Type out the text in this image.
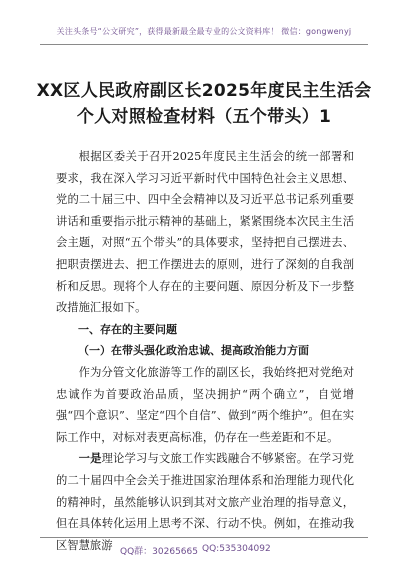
关注头条号“公文研究”，获得最新最全最专业的公文资料库！ 微信：gongwenyj
XX区人民政府副区长2025年度民主生活会个人对照检查材料（五个带头）1

根据区委关于召开2025年度民主生活会的统一部署和要求，我在深入学习习近平新时代中国特色社会主义思想、党的二十届三中、四中全会精神以及习近平总书记系列重要讲话和重要指示批示精神的基础上，紧紧围绕本次民主生活会主题，对照“五个带头”的具体要求，坚持把自己摆进去、把职责摆进去、把工作摆进去的原则，进行了深刻的自我剖析和反思。现将个人存在的主要问题、原因分析及下一步整改措施汇报如下。

一、存在的主要问题

（一）在带头强化政治忠诚、提高政治能力方面

作为分管文化旅游等工作的副区长，我始终把对党绝对忠诚作为首要政治品质，坚决拥护“两个确立”，自觉增强“四个意识”、坚定“四个自信”、做到“两个维护”。但在实际工作中，对标对表更高标准，仍存在一些差距和不足。

一是理论学习与文旅工作实践融合不够紧密。在学习党的二十届四中全会关于推进国家治理体系和治理能力现代化的精神时，虽然能够认识到其对文旅产业治理的指导意义，但在具体转化运用上思考不深、行动不快。例如，在推动我区智慧旅游

QQ群：30265665 QQ:535304092
